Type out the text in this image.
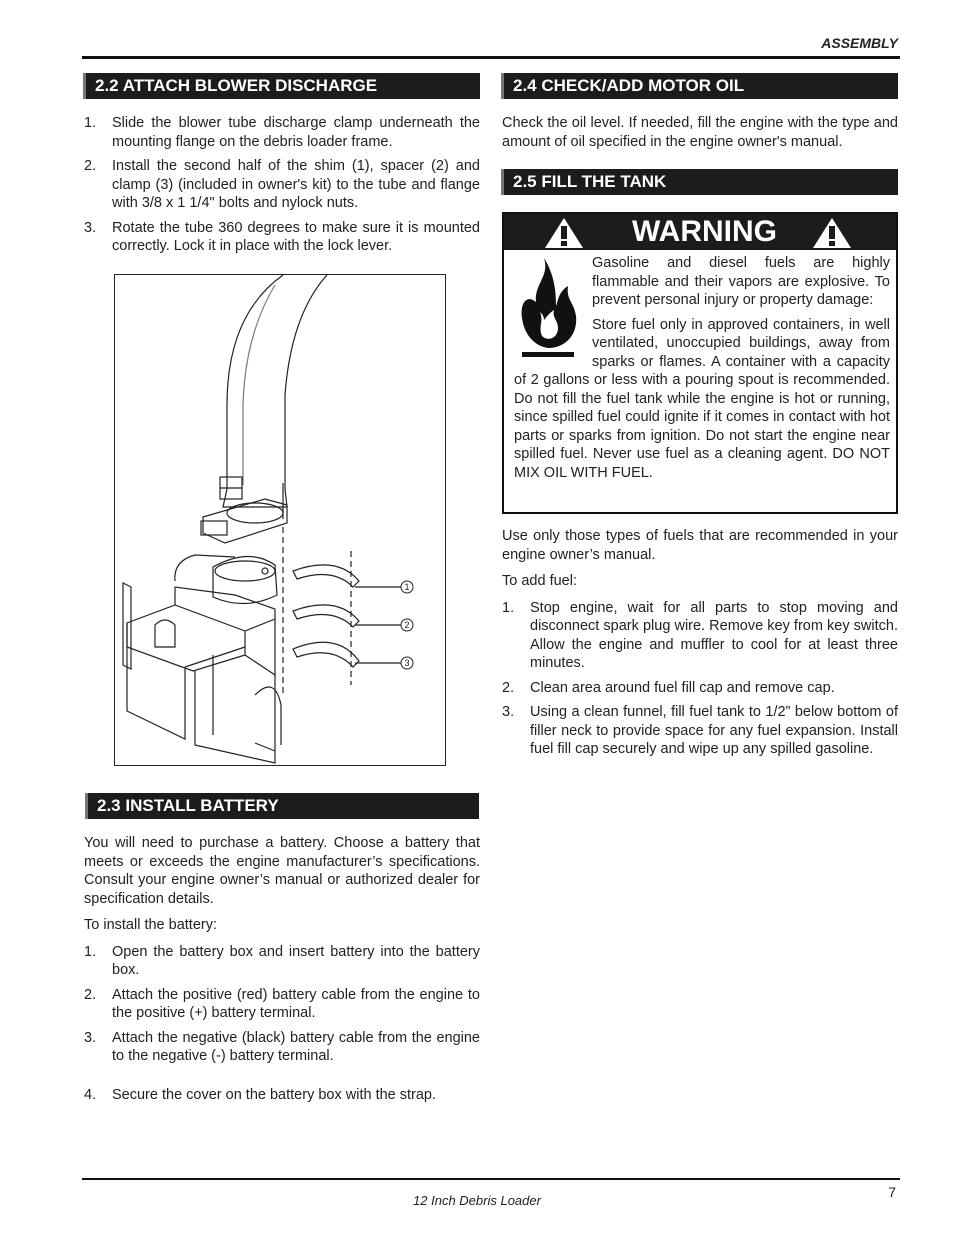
ASSEMBLY
2.2 ATTACH BLOWER DISCHARGE
1. Slide the blower tube discharge clamp underneath the mounting flange on the debris loader frame.
2. Install the second half of the shim (1), spacer (2) and clamp (3) (included in owner's kit) to the tube and flange with 3/8 x 1 1/4" bolts and nylock nuts.
3. Rotate the tube 360 degrees to make sure it is mounted correctly. Lock it in place with the lock lever.
1
2
3
2.3 INSTALL BATTERY

You will need to purchase a battery. Choose a battery that meets or exceeds the engine manufacturer’s specifications. Consult your engine owner’s manual or authorized dealer for specification details.

To install the battery:

1. Open the battery box and insert battery into the battery box.
2. Attach the positive (red) battery cable from the engine to the positive (+) battery terminal.
3. Attach the negative (black) battery cable from the engine to the negative (-) battery terminal.
4. Secure the cover on the battery box with the strap.
2.4 CHECK/ADD MOTOR OIL

Check the oil level. If needed, fill the engine with the type and amount of oil specified in the engine owner's manual.

2.5 FILL THE TANK
WARNING

Gasoline and diesel fuels are highly flammable and their vapors are explosive. To prevent personal injury or property damage:

Store fuel only in approved containers, in well ventilated, unoccupied buildings, away from sparks or flames. A container with a capacity of 2 gallons or less with a pouring spout is recommended. Do not fill the fuel tank while the engine is hot or running, since spilled fuel could ignite if it comes in contact with hot parts or sparks from ignition. Do not start the engine near spilled fuel. Never use fuel as a cleaning agent. DO NOT MIX OIL WITH FUEL.

Use only those types of fuels that are recommended in your engine owner’s manual.

To add fuel:

1. Stop engine, wait for all parts to stop moving and disconnect spark plug wire. Remove key from key switch. Allow the engine and muffler to cool for at least three minutes.
2. Clean area around fuel fill cap and remove cap.
3. Using a clean funnel, fill fuel tank to 1/2” below bottom of filler neck to provide space for any fuel expansion. Install fuel fill cap securely and wipe up any spilled gasoline.
7
12 Inch Debris Loader
